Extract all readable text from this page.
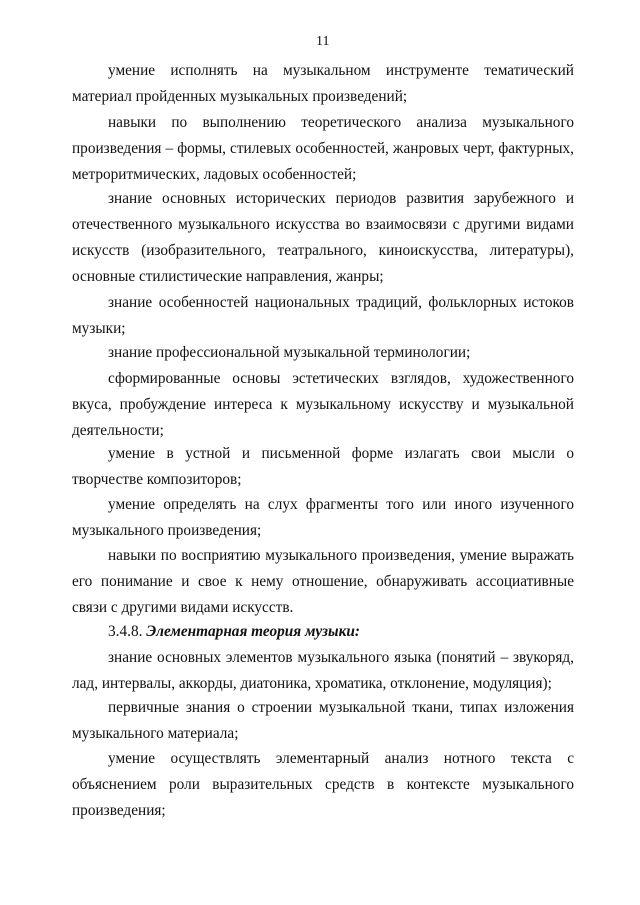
11

умение исполнять на музыкальном инструменте тематический материал пройденных музыкальных произведений;

навыки по выполнению теоретического анализа музыкального произведения – формы, стилевых особенностей, жанровых черт, фактурных, метроритмических, ладовых особенностей;

знание основных исторических периодов развития зарубежного и отечественного музыкального искусства во взаимосвязи с другими видами искусств (изобразительного, театрального, киноискусства, литературы), основные стилистические направления, жанры;

знание особенностей национальных традиций, фольклорных истоков музыки;

знание профессиональной музыкальной терминологии;

сформированные основы эстетических взглядов, художественного вкуса, пробуждение интереса к музыкальному искусству и музыкальной деятельности;

умение в устной и письменной форме излагать свои мысли о творчестве композиторов;

умение определять на слух фрагменты того или иного изученного музыкального произведения;

навыки по восприятию музыкального произведения, умение выражать его понимание и свое к нему отношение, обнаруживать ассоциативные связи с другими видами искусств.

3.4.8. Элементарная теория музыки:

знание основных элементов музыкального языка (понятий – звукоряд, лад, интервалы, аккорды, диатоника, хроматика, отклонение, модуляция);

первичные знания о строении музыкальной ткани, типах изложения музыкального материала;

умение осуществлять элементарный анализ нотного текста с объяснением роли выразительных средств в контексте музыкального произведения;
